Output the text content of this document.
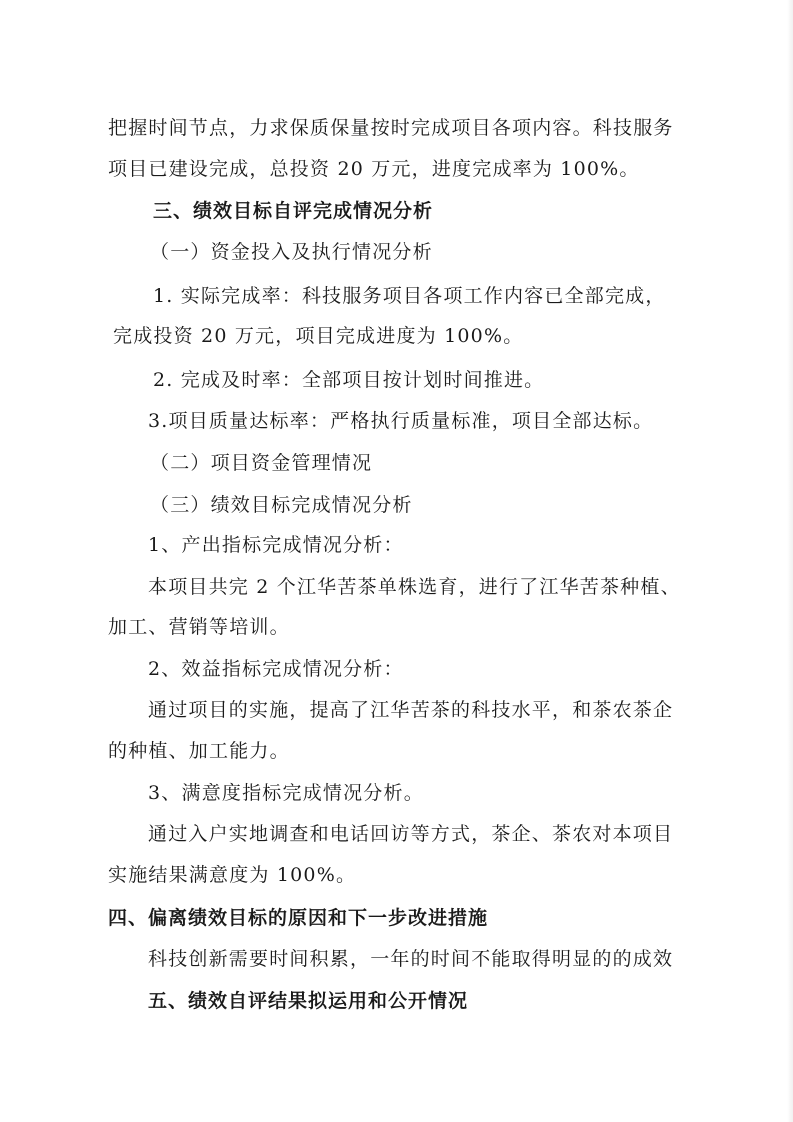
把握时间节点，力求保质保量按时完成项目各项内容。科技服务
项目已建设完成，总投资 20 万元，进度完成率为 100%。
三、绩效目标自评完成情况分析
（一）资金投入及执行情况分析
1. 实际完成率：科技服务项目各项工作内容已全部完成，
完成投资 20 万元，项目完成进度为 100%。
2. 完成及时率：全部项目按计划时间推进。
3.项目质量达标率：严格执行质量标准，项目全部达标。
（二）项目资金管理情况
（三）绩效目标完成情况分析
1、产出指标完成情况分析：
本项目共完 2 个江华苦茶单株选育，进行了江华苦茶种植、
加工、营销等培训。
2、效益指标完成情况分析：
通过项目的实施，提高了江华苦茶的科技水平，和茶农茶企
的种植、加工能力。
3、满意度指标完成情况分析。
通过入户实地调查和电话回访等方式，茶企、茶农对本项目
实施结果满意度为 100%。
四、偏离绩效目标的原因和下一步改进措施
科技创新需要时间积累，一年的时间不能取得明显的的成效
五、绩效自评结果拟运用和公开情况
